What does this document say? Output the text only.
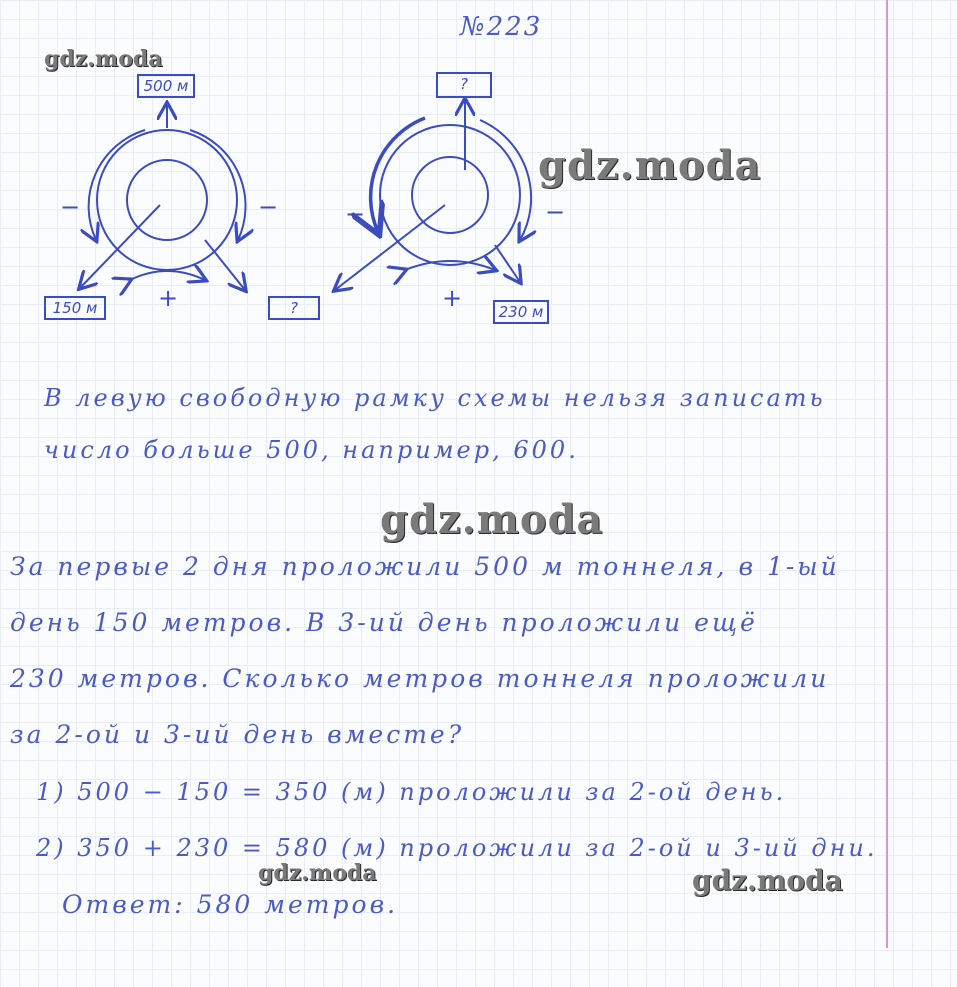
№223
gdz.moda
gdz.moda
gdz.moda
gdz.moda	gdz.moda
−	−
+
−	−
+
500 м
150 м	?
?
230 м
В левую свободную рамку схемы нельзя записать
число больше 500, например, 600.
За первые 2 дня проложили 500 м тоннеля, в 1-ый
день 150 метров. В 3-ий день проложили ещё
230 метров. Сколько метров тоннеля проложили
за 2-ой и 3-ий день вместе?
1) 500 − 150 = 350 (м) проложили за 2-ой день.
2) 350 + 230 = 580 (м) проложили за 2-ой и 3-ий дни.
Ответ: 580 метров.
